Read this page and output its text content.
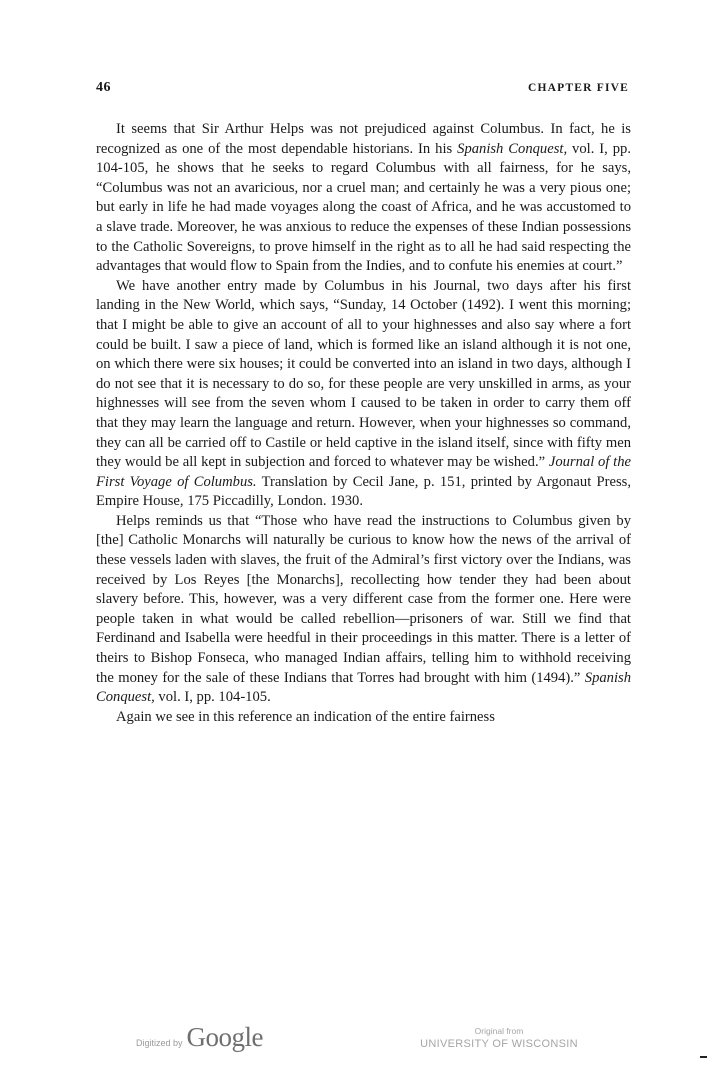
46	CHAPTER FIVE

It seems that Sir Arthur Helps was not prejudiced against Columbus. In fact, he is recognized as one of the most dependable historians. In his Spanish Conquest, vol. I, pp. 104-105, he shows that he seeks to regard Columbus with all fairness, for he says, “Columbus was not an avaricious, nor a cruel man; and certainly he was a very pious one; but early in life he had made voyages along the coast of Africa, and he was accustomed to a slave trade. Moreover, he was anxious to reduce the expenses of these Indian possessions to the Catholic Sovereigns, to prove himself in the right as to all he had said respecting the advantages that would flow to Spain from the Indies, and to confute his enemies at court.”

We have another entry made by Columbus in his Journal, two days after his first landing in the New World, which says, “Sunday, 14 October (1492). I went this morning; that I might be able to give an account of all to your highnesses and also say where a fort could be built. I saw a piece of land, which is formed like an island although it is not one, on which there were six houses; it could be converted into an island in two days, although I do not see that it is necessary to do so, for these people are very unskilled in arms, as your highnesses will see from the seven whom I caused to be taken in order to carry them off that they may learn the language and return. However, when your highnesses so command, they can all be carried off to Castile or held captive in the island itself, since with fifty men they would be all kept in subjection and forced to whatever may be wished.” Journal of the First Voyage of Columbus. Translation by Cecil Jane, p. 151, printed by Argonaut Press, Empire House, 175 Piccadilly, London. 1930.

Helps reminds us that “Those who have read the instructions to Columbus given by [the] Catholic Monarchs will naturally be curious to know how the news of the arrival of these vessels laden with slaves, the fruit of the Admiral’s first victory over the Indians, was received by Los Reyes [the Monarchs], recollecting how tender they had been about slavery before. This, however, was a very different case from the former one. Here were people taken in what would be called rebellion—prisoners of war. Still we find that Ferdinand and Isabella were heedful in their proceedings in this matter. There is a letter of theirs to Bishop Fonseca, who managed Indian affairs, telling him to withhold receiving the money for the sale of these Indians that Torres had brought with him (1494).” Spanish Conquest, vol. I, pp. 104-105.

Again we see in this reference an indication of the entire fairness

Digitized by Google	Original from
UNIVERSITY OF WISCONSIN
